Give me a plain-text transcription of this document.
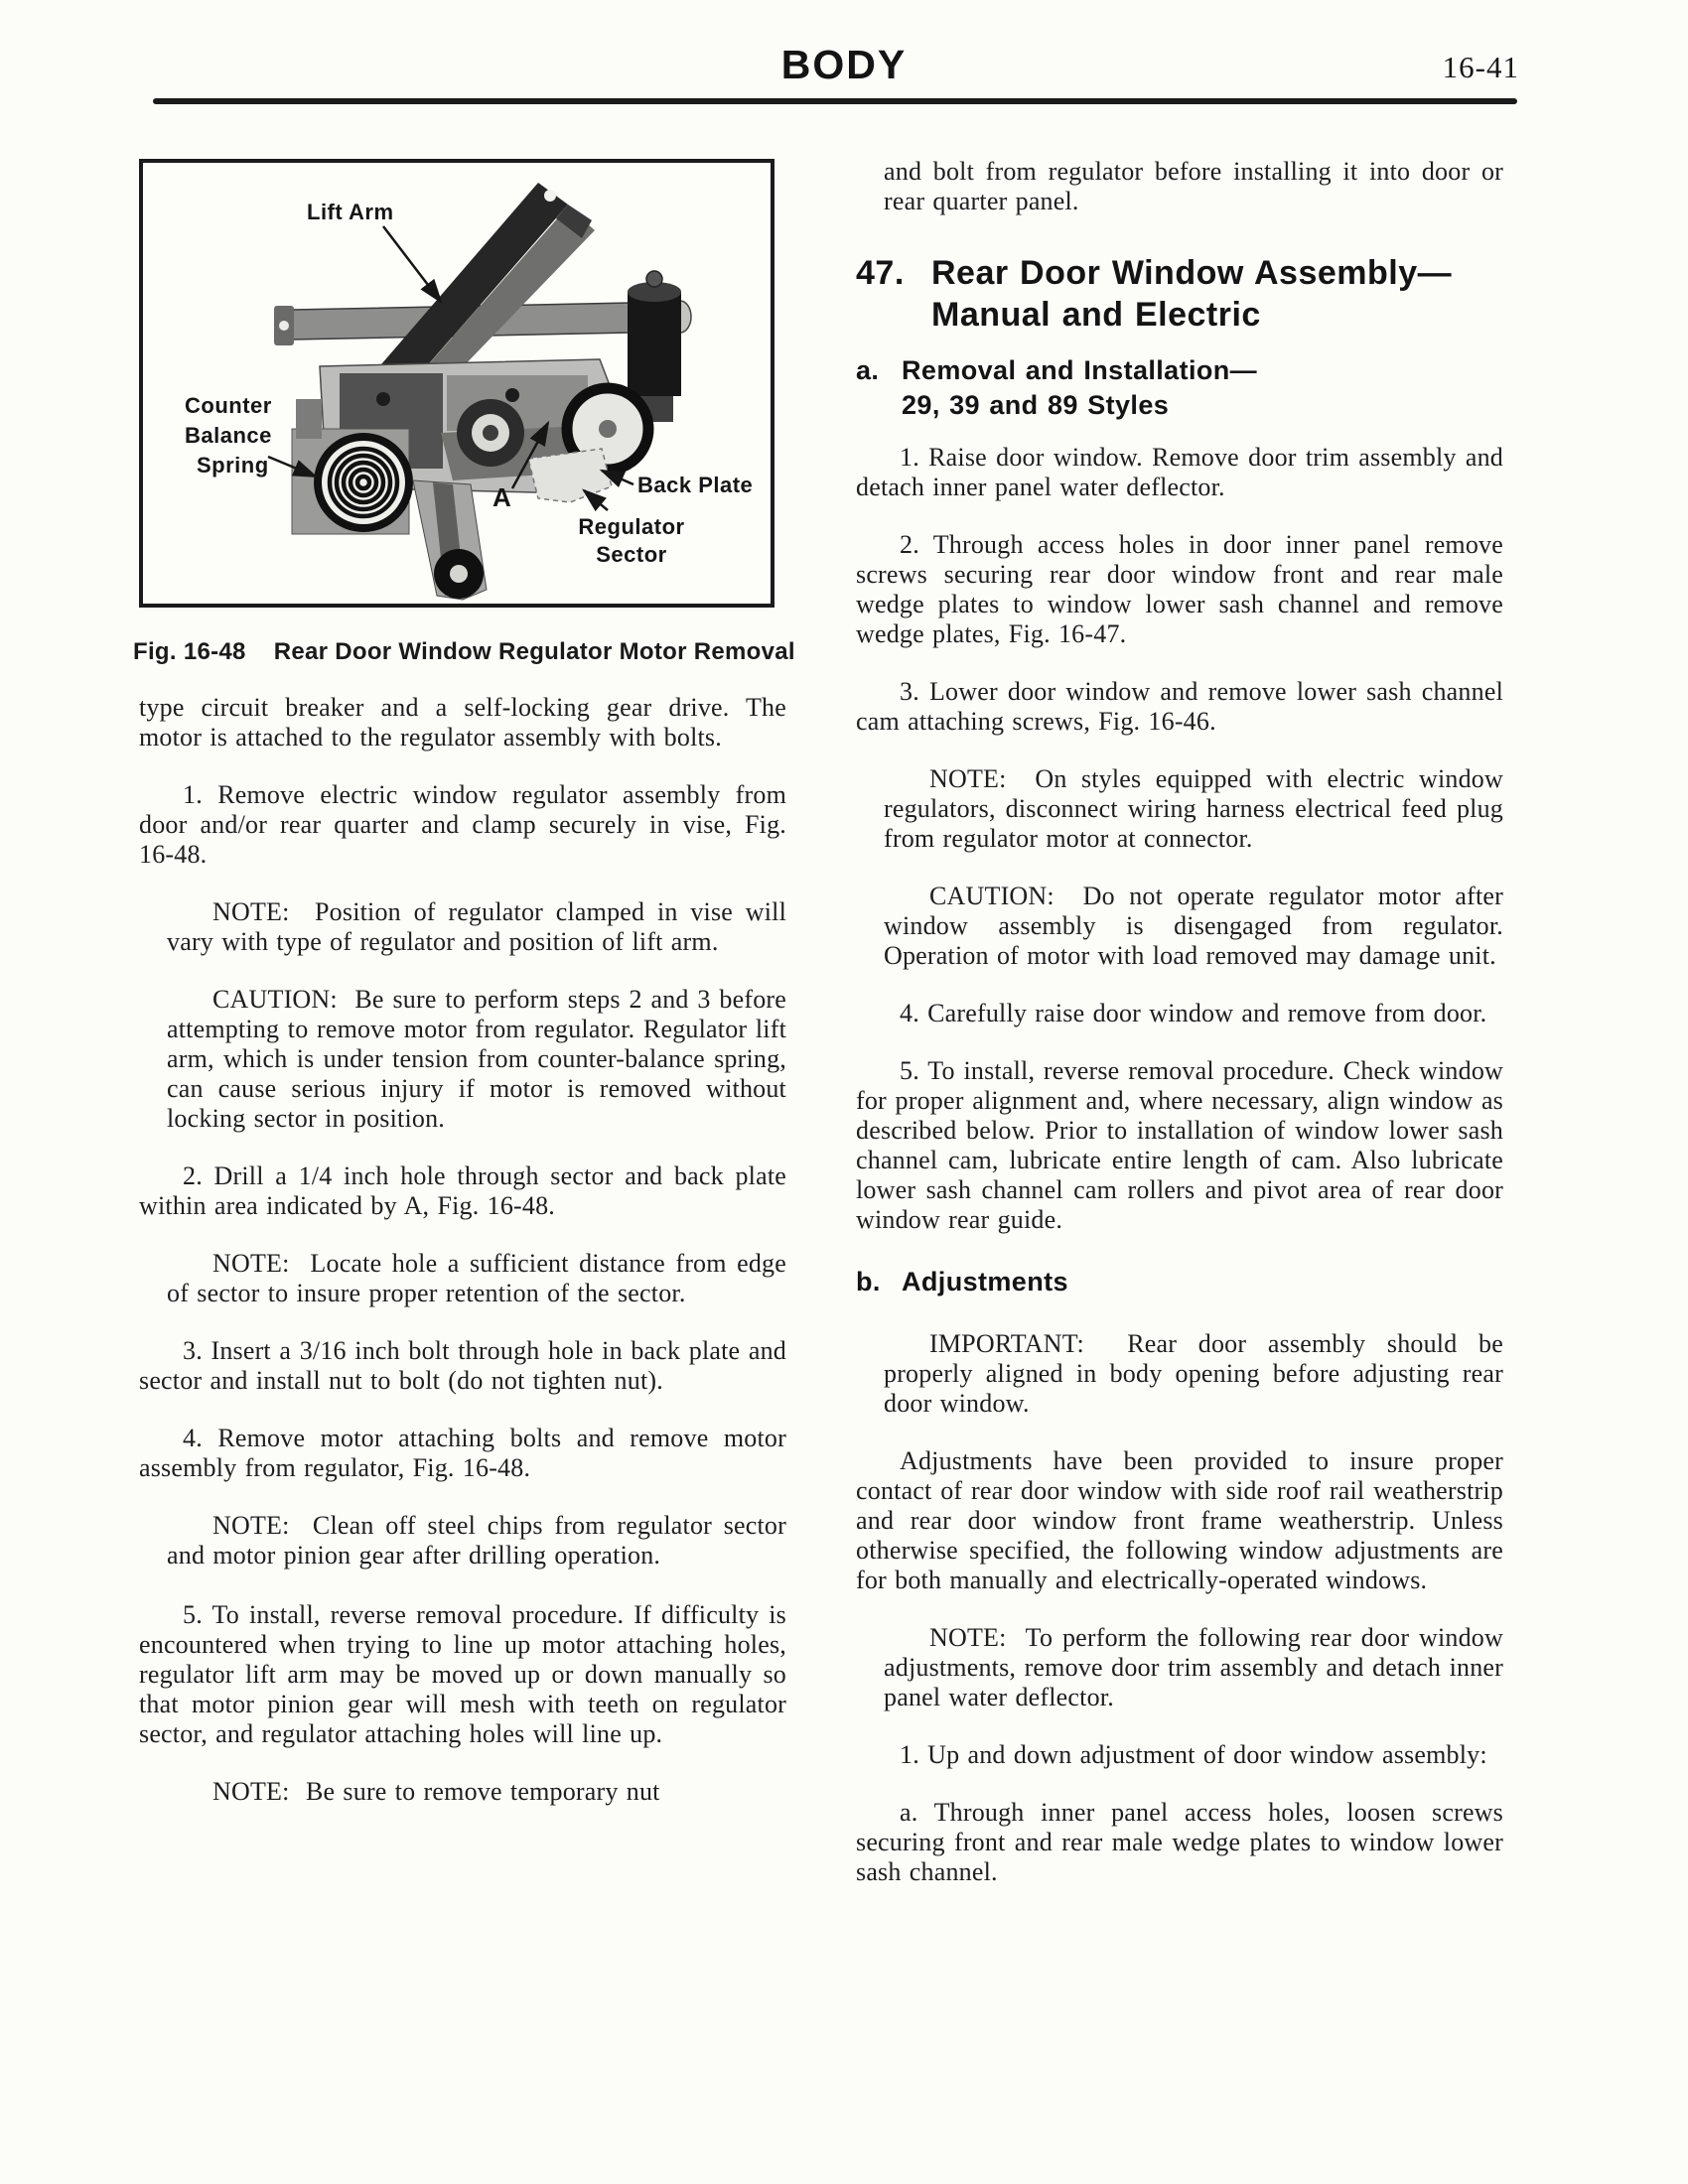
BODY	16-41
Lift Arm
Counter
Balance
Spring
A	Back Plate
Regulator
Sector
Fig. 16-48 Rear Door Window Regulator Motor Removal

type circuit breaker and a self-locking gear drive. The motor is attached to the regulator assembly with bolts.

1. Remove electric window regulator assembly from door and/or rear quarter and clamp securely in vise, Fig. 16-48.

NOTE:  Position of regulator clamped in vise will vary with type of regulator and position of lift arm.

CAUTION:  Be sure to perform steps 2 and 3 before attempting to remove motor from regulator. Regulator lift arm, which is under tension from counter-balance spring, can cause serious injury if motor is removed without locking sector in position.

2. Drill a 1/4 inch hole through sector and back plate within area indicated by A, Fig. 16-48.

NOTE:  Locate hole a sufficient distance from edge of sector to insure proper retention of the sector.

3. Insert a 3/16 inch bolt through hole in back plate and sector and install nut to bolt (do not tighten nut).

4. Remove motor attaching bolts and remove motor assembly from regulator, Fig. 16-48.

NOTE:  Clean off steel chips from regulator sector and motor pinion gear after drilling operation.

5. To install, reverse removal procedure. If difficulty is encountered when trying to line up motor attaching holes, regulator lift arm may be moved up or down manually so that motor pinion gear will mesh with teeth on regulator sector, and regulator attaching holes will line up.

NOTE:  Be sure to remove temporary nut

and bolt from regulator before installing it into door or rear quarter panel.

47. Rear Door Window Assembly—
Manual and Electric
a. Removal and Installation—
29, 39 and 89 Styles

1. Raise door window. Remove door trim assembly and detach inner panel water deflector.

2. Through access holes in door inner panel remove screws securing rear door window front and rear male wedge plates to window lower sash channel and remove wedge plates, Fig. 16-47.

3. Lower door window and remove lower sash channel cam attaching screws, Fig. 16-46.

NOTE:  On styles equipped with electric window regulators, disconnect wiring harness electrical feed plug from regulator motor at connector.

CAUTION:  Do not operate regulator motor after window assembly is disengaged from regulator. Operation of motor with load removed may damage unit.

4. Carefully raise door window and remove from door.

5. To install, reverse removal procedure. Check window for proper alignment and, where necessary, align window as described below. Prior to installation of window lower sash channel cam, lubricate entire length of cam. Also lubricate lower sash channel cam rollers and pivot area of rear door window rear guide.

b. Adjustments

IMPORTANT:  Rear door assembly should be properly aligned in body opening before adjusting rear door window.

Adjustments have been provided to insure proper contact of rear door window with side roof rail weatherstrip and rear door window front frame weatherstrip. Unless otherwise specified, the following window adjustments are for both manually and electrically-operated windows.

NOTE:  To perform the following rear door window adjustments, remove door trim assembly and detach inner panel water deflector.

1. Up and down adjustment of door window assembly:

a. Through inner panel access holes, loosen screws securing front and rear male wedge plates to window lower sash channel.
